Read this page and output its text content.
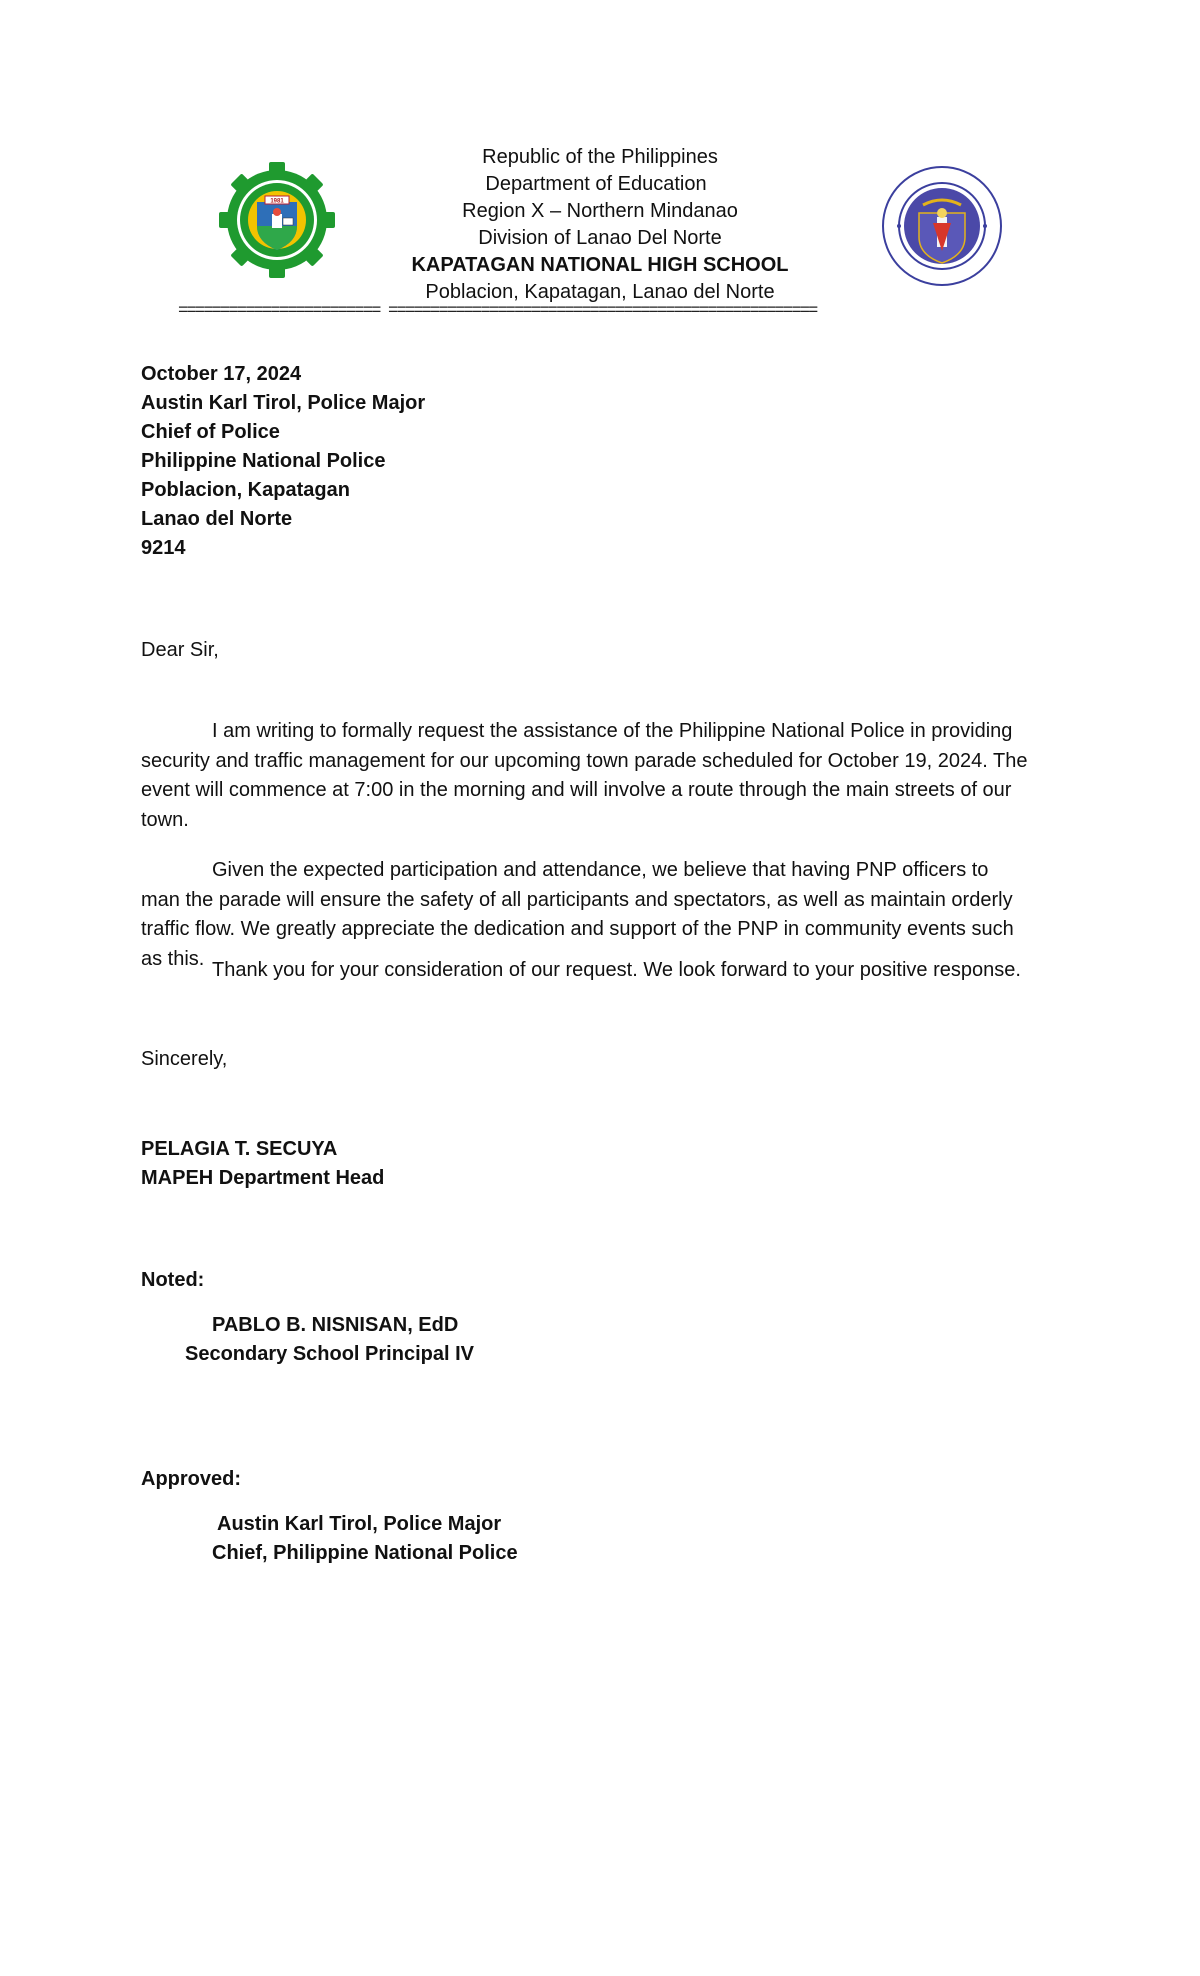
1981
Republic of the Philippines
Department of Education
Region X – Northern Mindanao
Division of Lanao Del Norte
KAPATAGAN NATIONAL HIGH SCHOOL
Poblacion, Kapatagan, Lanao del Norte
======================== ===================================================
October 17, 2024
Austin Karl Tirol, Police Major
Chief of Police
Philippine National Police
Poblacion, Kapatagan
Lanao del Norte
9214
Dear Sir,
I am writing to formally request the assistance of the Philippine National Police in providing security and traffic management for our upcoming town parade scheduled for October 19, 2024. The event will commence at 7:00 in the morning and will involve a route through the main streets of our town.
Given the expected participation and attendance, we believe that having PNP officers to man the parade will ensure the safety of all participants and spectators, as well as maintain orderly traffic flow. We greatly appreciate the dedication and support of the PNP in community events such as this.
Thank you for your consideration of our request. We look forward to your positive response.
Sincerely,
PELAGIA T. SECUYA
MAPEH Department Head
Noted:
PABLO B. NISNISAN, EdD
Secondary School Principal IV
Approved:
Austin Karl Tirol, Police Major
Chief, Philippine National Police
